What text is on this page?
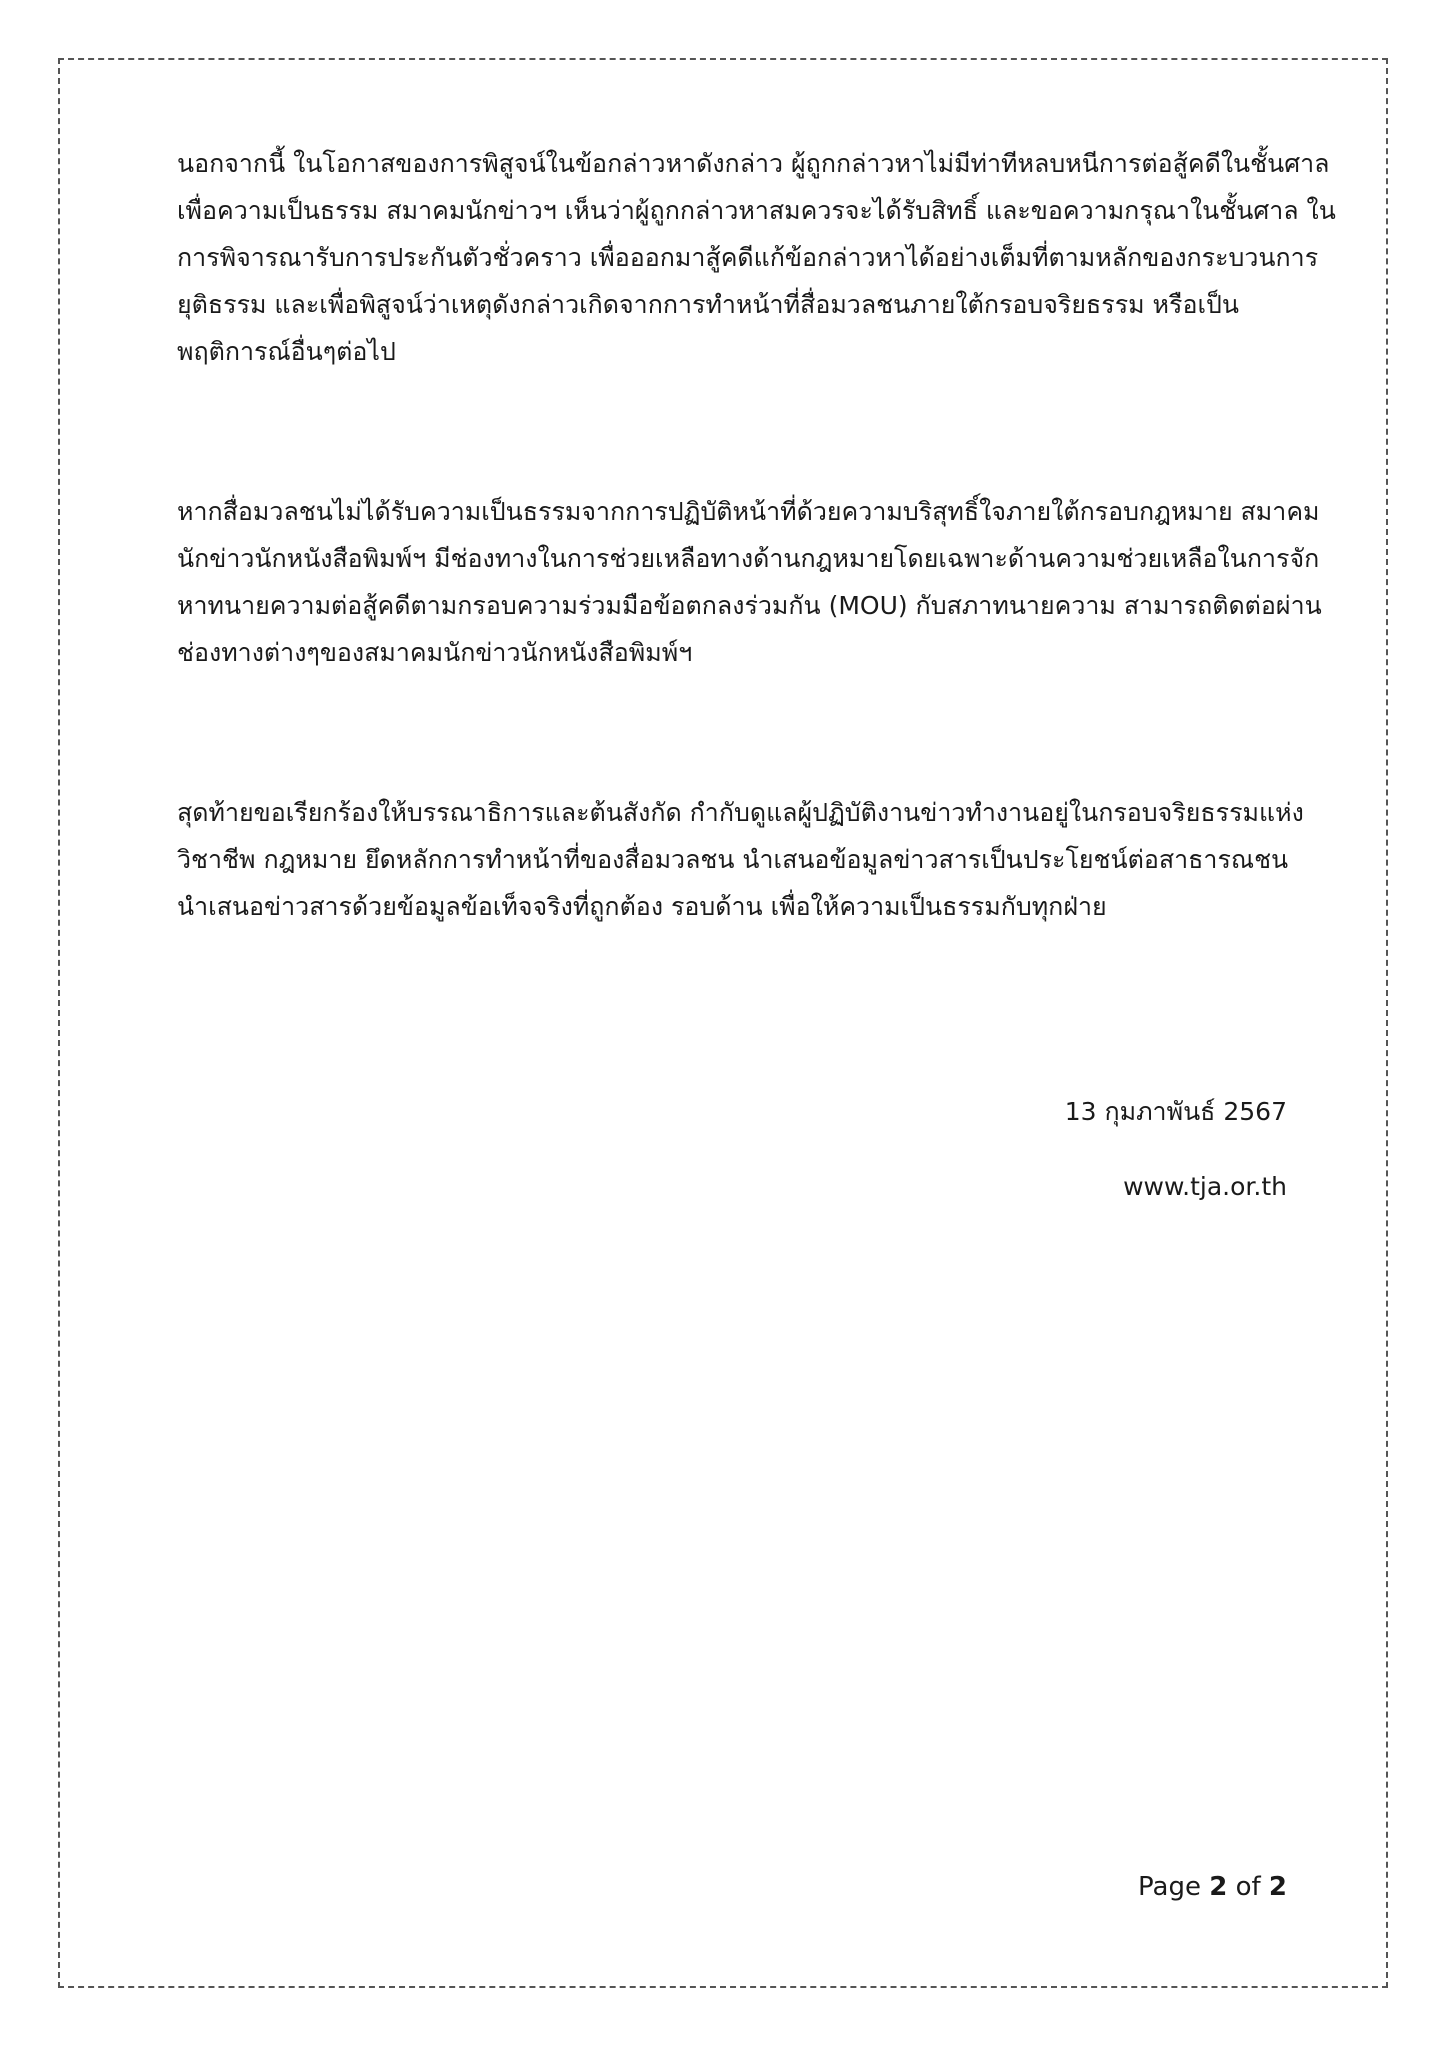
นอกจากนี้ ในโอกาสของการพิสูจน์ในข้อกล่าวหาดังกล่าว ผู้ถูกกล่าวหาไม่มีท่าทีหลบหนีการต่อสู้คดีในชั้นศาล
เพื่อความเป็นธรรม สมาคมนักข่าวฯ เห็นว่าผู้ถูกกล่าวหาสมควรจะได้รับสิทธิ์ และขอความกรุณาในชั้นศาล ใน
การพิจารณารับการประกันตัวชั่วคราว เพื่อออกมาสู้คดีแก้ข้อกล่าวหาได้อย่างเต็มที่ตามหลักของกระบวนการ
ยุติธรรม และเพื่อพิสูจน์ว่าเหตุดังกล่าวเกิดจากการทำหน้าที่สื่อมวลชนภายใต้กรอบจริยธรรม หรือเป็น
พฤติการณ์อื่นๆต่อไป

หากสื่อมวลชนไม่ได้รับความเป็นธรรมจากการปฏิบัติหน้าที่ด้วยความบริสุทธิ์ใจภายใต้กรอบกฎหมาย สมาคม
นักข่าวนักหนังสือพิมพ์ฯ มีช่องทางในการช่วยเหลือทางด้านกฎหมายโดยเฉพาะด้านความช่วยเหลือในการจัก
หาทนายความต่อสู้คดีตามกรอบความร่วมมือข้อตกลงร่วมกัน (MOU) กับสภาทนายความ สามารถติดต่อผ่าน
ช่องทางต่างๆของสมาคมนักข่าวนักหนังสือพิมพ์ฯ

สุดท้ายขอเรียกร้องให้บรรณาธิการและต้นสังกัด กำกับดูแลผู้ปฏิบัติงานข่าวทำงานอยู่ในกรอบจริยธรรมแห่ง
วิชาชีพ กฎหมาย ยึดหลักการทำหน้าที่ของสื่อมวลชน นำเสนอข้อมูลข่าวสารเป็นประโยชน์ต่อสาธารณชน
นำเสนอข่าวสารด้วยข้อมูลข้อเท็จจริงที่ถูกต้อง รอบด้าน เพื่อให้ความเป็นธรรมกับทุกฝ่าย

13 กุมภาพันธ์ 2567
www.tja.or.th
Page 2 of 2
